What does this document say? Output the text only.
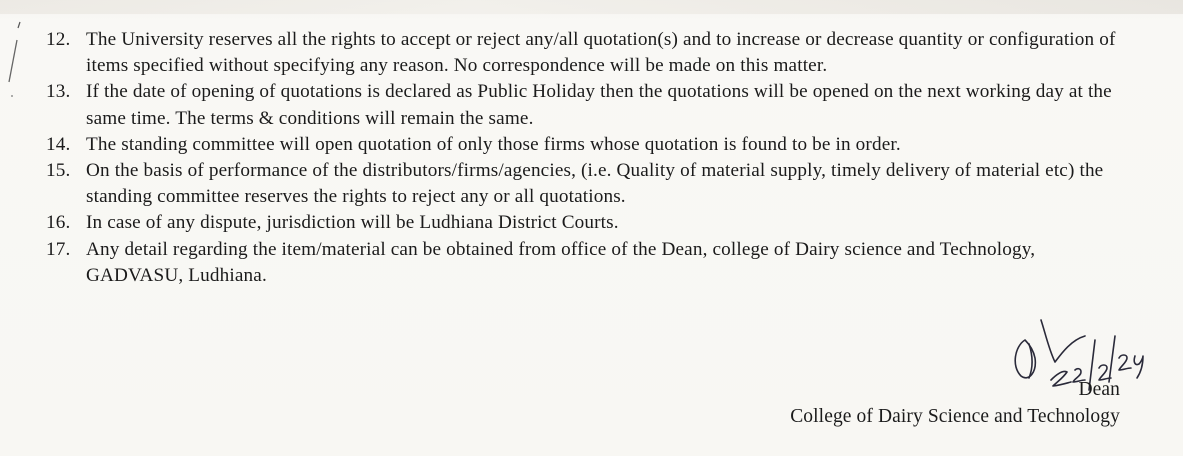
12. The University reserves all the rights to accept or reject any/all quotation(s) and to increase or decrease quantity or configuration of items specified without specifying any reason. No correspondence will be made on this matter.
13. If the date of opening of quotations is declared as Public Holiday then the quotations will be opened on the next working day at the same time. The terms & conditions will remain the same.
14. The standing committee will open quotation of only those firms whose quotation is found to be in order.
15. On the basis of performance of the distributors/firms/agencies, (i.e. Quality of material supply, timely delivery of material etc) the standing committee reserves the rights to reject any or all quotations.
16. In case of any dispute, jurisdiction will be Ludhiana District Courts.
17. Any detail regarding the item/material can be obtained from office of the Dean, college of Dairy science and Technology, GADVASU, Ludhiana.
Dean
College of Dairy Science and Technology
